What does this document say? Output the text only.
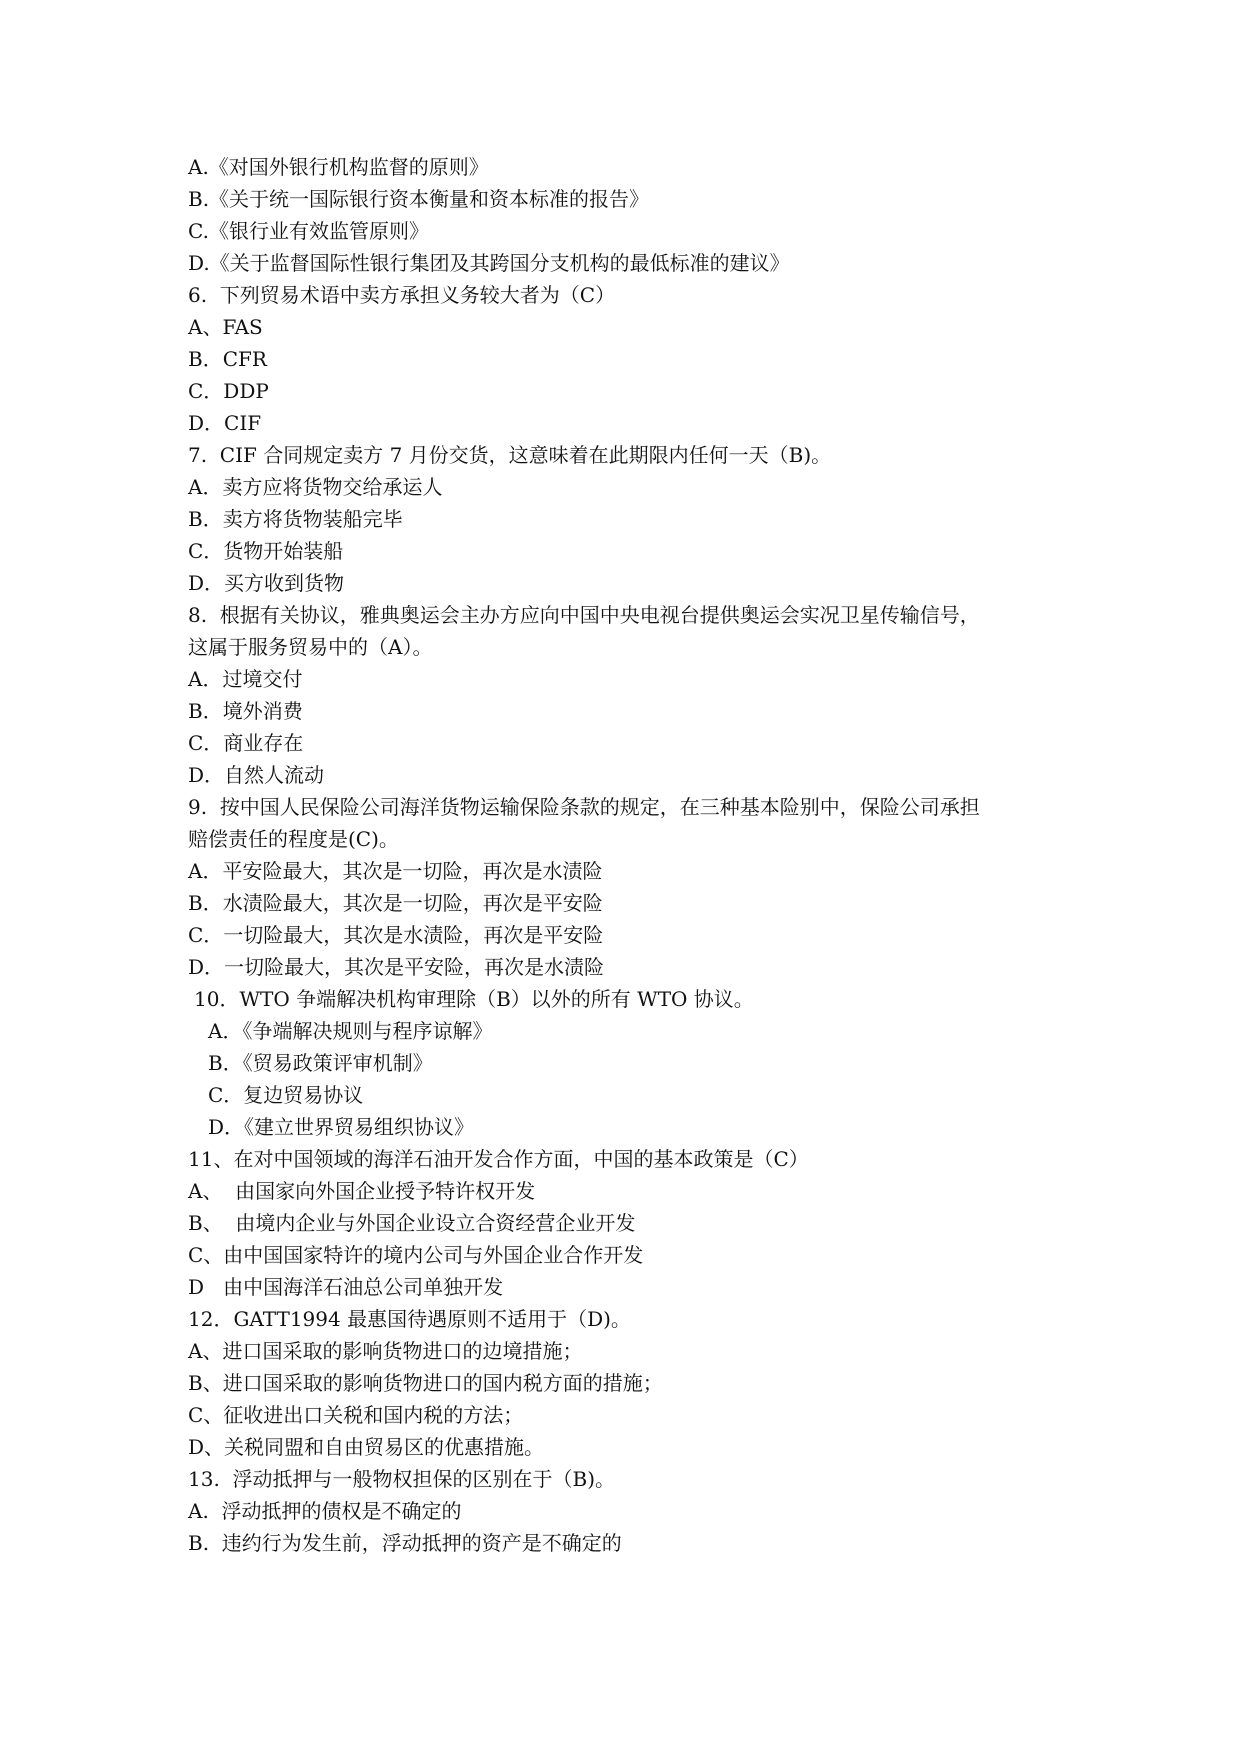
A.《对国外银行机构监督的原则》
B.《关于统一国际银行资本衡量和资本标准的报告》
C.《银行业有效监管原则》
D.《关于监督国际性银行集团及其跨国分支机构的最低标准的建议》
6.  下列贸易术语中卖方承担义务较大者为（C）
A、FAS
B．CFR
C．DDP
D．CIF
7.  CIF 合同规定卖方 7 月份交货，这意味着在此期限内任何一天（B)。
A．卖方应将货物交给承运人
B．卖方将货物装船完毕
C．货物开始装船
D．买方收到货物
8.  根据有关协议，雅典奥运会主办方应向中国中央电视台提供奥运会实况卫星传输信号，
这属于服务贸易中的（A）。
A．过境交付
B．境外消费
C．商业存在
D．自然人流动
9.  按中国人民保险公司海洋货物运输保险条款的规定，在三种基本险别中，保险公司承担
赔偿责任的程度是(C)。
A．平安险最大，其次是一切险，再次是水渍险
B．水渍险最大，其次是一切险，再次是平安险
C．一切险最大，其次是水渍险，再次是平安险
D．一切险最大，其次是平安险，再次是水渍险
10．WTO 争端解决机构审理除（B）以外的所有 WTO 协议。
A．《争端解决规则与程序谅解》
B．《贸易政策评审机制》
C．复边贸易协议
D．《建立世界贸易组织协议》
11、在对中国领域的海洋石油开发合作方面，中国的基本政策是（C）
A、  由国家向外国企业授予特许权开发
B、  由境内企业与外国企业设立合资经营企业开发
C、由中国国家特许的境内公司与外国企业合作开发
D   由中国海洋石油总公司单独开发
12．GATT1994 最惠国待遇原则不适用于（D)。
A、进口国采取的影响货物进口的边境措施；
B、进口国采取的影响货物进口的国内税方面的措施；
C、征收进出口关税和国内税的方法；
D、关税同盟和自由贸易区的优惠措施。
13.  浮动抵押与一般物权担保的区别在于（B)。
A.  浮动抵押的债权是不确定的
B.  违约行为发生前，浮动抵押的资产是不确定的
